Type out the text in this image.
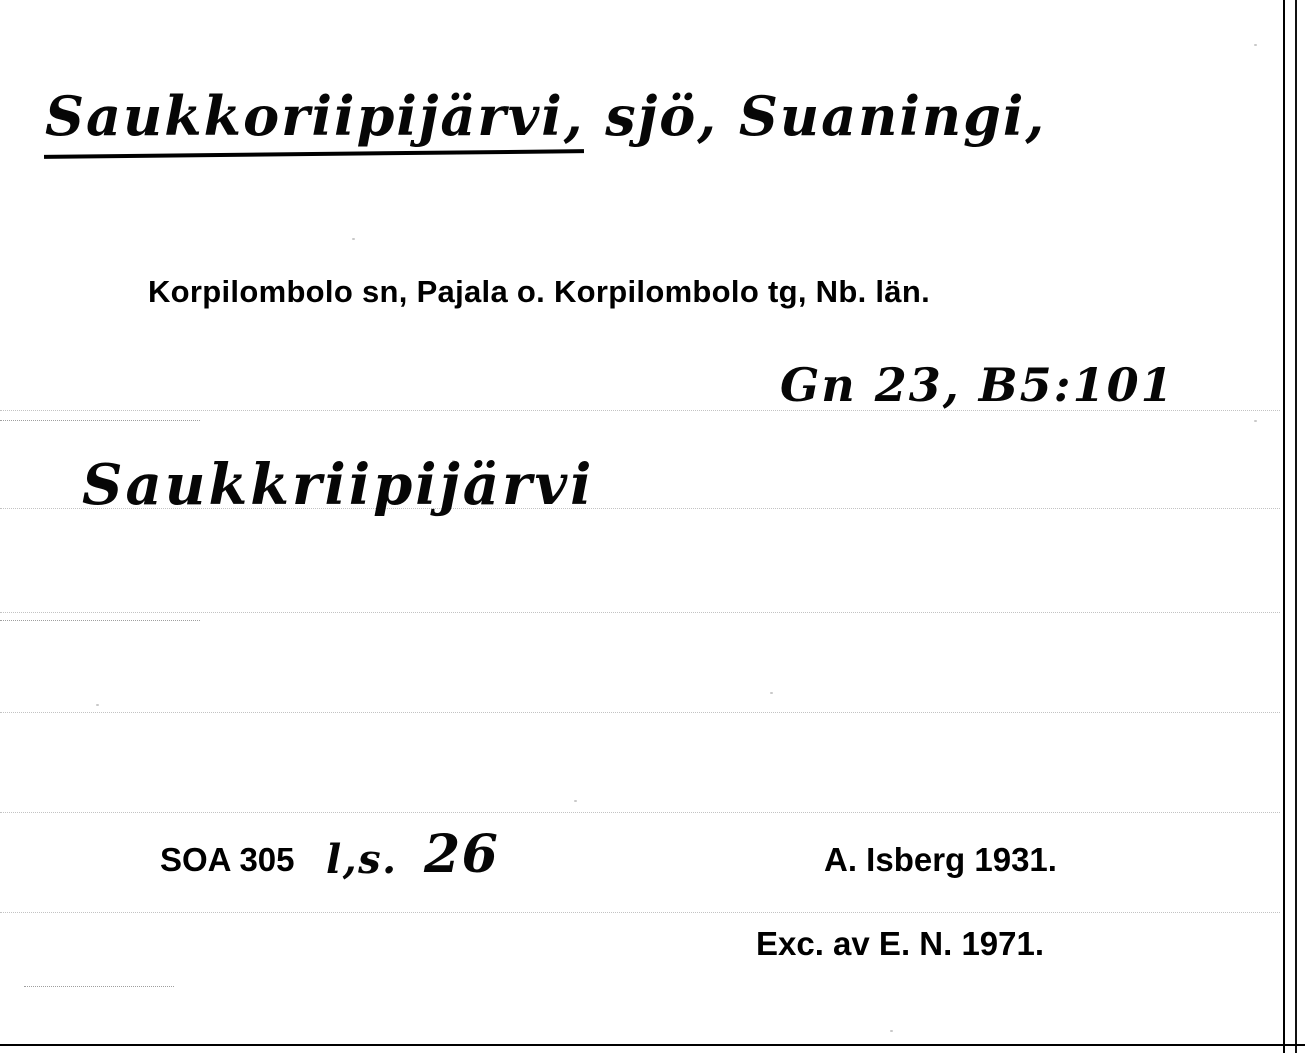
Saukkoriipijärvi, sjö, Suaningi,
Korpilombolo sn, Pajala o. Korpilombolo tg, Nb. län.
Gn 23, B5:101
Saukkriipijärvi
SOA 305 l,s. 26	A. Isberg 1931.
Exc. av E. N. 1971.
